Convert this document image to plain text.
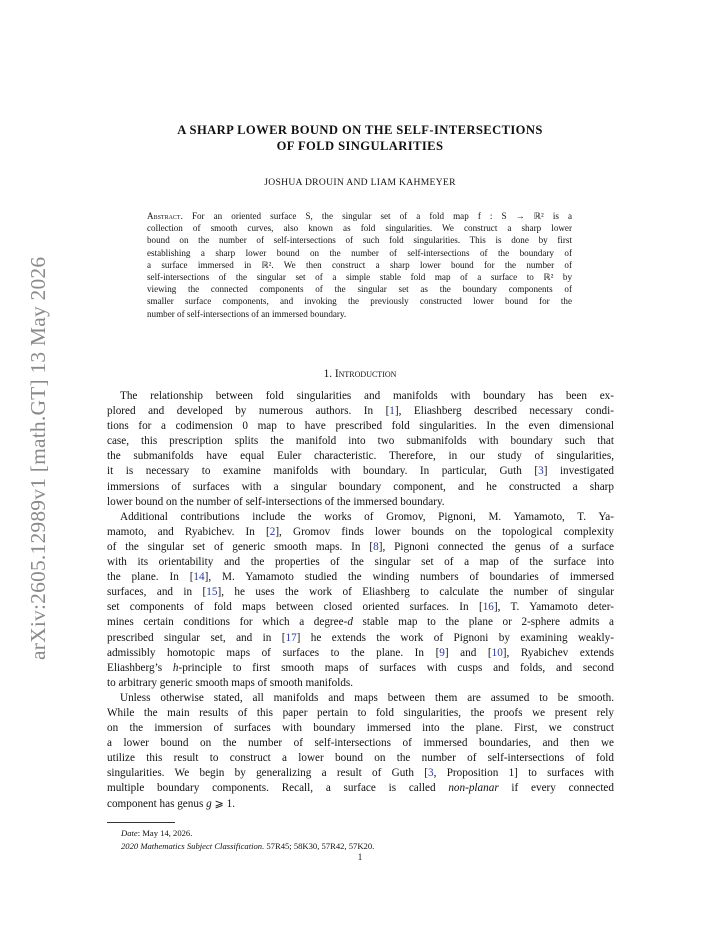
arXiv:2605.12989v1 [math.GT] 13 May 2026
A SHARP LOWER BOUND ON THE SELF-INTERSECTIONS
OF FOLD SINGULARITIES
JOSHUA DROUIN AND LIAM KAHMEYER
Abstract. For an oriented surface S, the singular set of a fold map f : S → ℝ² is a
collection of smooth curves, also known as fold singularities. We construct a sharp lower
bound on the number of self-intersections of such fold singularities. This is done by first
establishing a sharp lower bound on the number of self-intersections of the boundary of
a surface immersed in ℝ². We then construct a sharp lower bound for the number of
self-intersections of the singular set of a simple stable fold map of a surface to ℝ² by
viewing the connected components of the singular set as the boundary components of
smaller surface components, and invoking the previously constructed lower bound for the
number of self-intersections of an immersed boundary.
1. Introduction
The relationship between fold singularities and manifolds with boundary has been ex-
plored and developed by numerous authors. In [1], Eliashberg described necessary condi-
tions for a codimension 0 map to have prescribed fold singularities. In the even dimensional
case, this prescription splits the manifold into two submanifolds with boundary such that
the submanifolds have equal Euler characteristic. Therefore, in our study of singularities,
it is necessary to examine manifolds with boundary. In particular, Guth [3] investigated
immersions of surfaces with a singular boundary component, and he constructed a sharp
lower bound on the number of self-intersections of the immersed boundary.
Additional contributions include the works of Gromov, Pignoni, M. Yamamoto, T. Ya-
mamoto, and Ryabichev. In [2], Gromov finds lower bounds on the topological complexity
of the singular set of generic smooth maps. In [8], Pignoni connected the genus of a surface
with its orientability and the properties of the singular set of a map of the surface into
the plane. In [14], M. Yamamoto studied the winding numbers of boundaries of immersed
surfaces, and in [15], he uses the work of Eliashberg to calculate the number of singular
set components of fold maps between closed oriented surfaces. In [16], T. Yamamoto deter-
mines certain conditions for which a degree-d stable map to the plane or 2-sphere admits a
prescribed singular set, and in [17] he extends the work of Pignoni by examining weakly-
admissibly homotopic maps of surfaces to the plane. In [9] and [10], Ryabichev extends
Eliashberg’s h-principle to first smooth maps of surfaces with cusps and folds, and second
to arbitrary generic smooth maps of smooth manifolds.
Unless otherwise stated, all manifolds and maps between them are assumed to be smooth.
While the main results of this paper pertain to fold singularities, the proofs we present rely
on the immersion of surfaces with boundary immersed into the plane. First, we construct
a lower bound on the number of self-intersections of immersed boundaries, and then we
utilize this result to construct a lower bound on the number of self-intersections of fold
singularities. We begin by generalizing a result of Guth [3, Proposition 1] to surfaces with
multiple boundary components. Recall, a surface is called non-planar if every connected
component has genus g ⩾ 1.
Date: May 14, 2026.
2020 Mathematics Subject Classification. 57R45; 58K30, 57R42, 57K20.
1
